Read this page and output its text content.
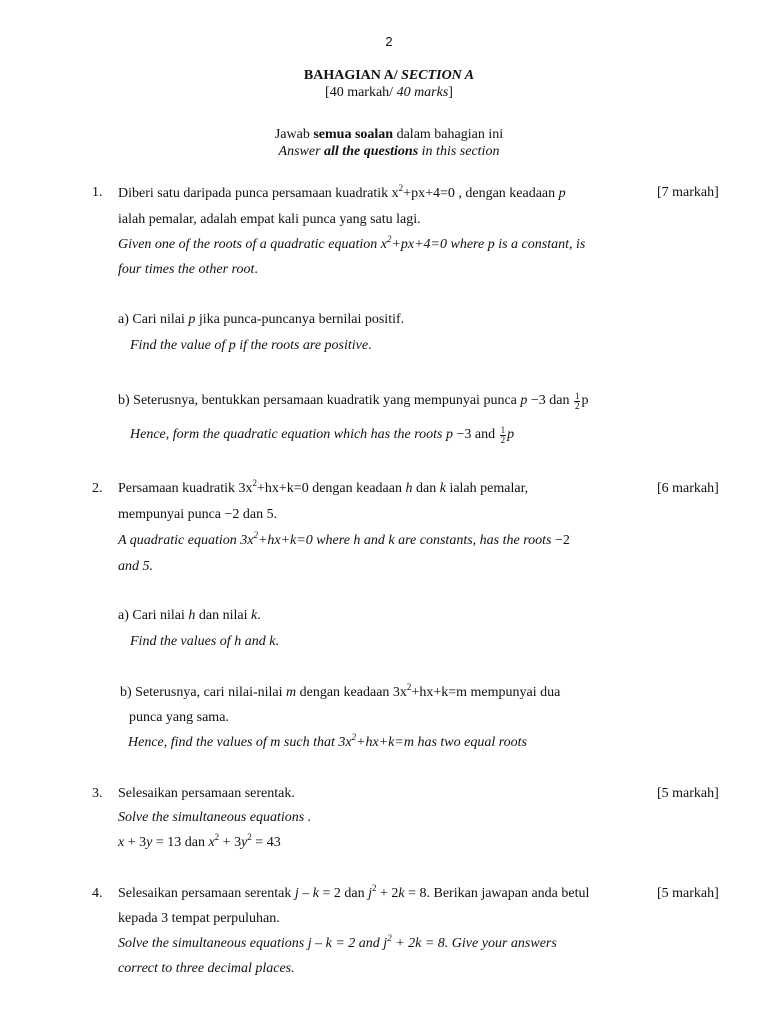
2
BAHAGIAN A/ SECTION A
[40 markah/ 40 marks]
Jawab semua soalan dalam bahagian ini
Answer all the questions in this section
1.	[7 markah]
Diberi satu daripada punca persamaan kuadratik $x^2+px+4=0$ , dengan keadaan p
ialah pemalar, adalah empat kali punca yang satu lagi.
Given one of the roots of a quadratic equation $x^2+px+4=0$ where p is a constant, is
four times the other root.
a) Cari nilai p jika punca-puncanya bernilai positif.
Find the value of p if the roots are positive.
b) Seterusnya, bentukkan persamaan kuadratik yang mempunyai punca p −3 dan $\frac{1}{2}$ p
Hence, form the quadratic equation which has the roots p −3 and $\frac{1}{2}$ p
2.	[6 markah]
Persamaan kuadratik $3x^2+hx+k=0$ dengan keadaan h dan k ialah pemalar,
mempunyai punca −2 dan 5.
A quadratic equation $3x^2+hx+k=0$ where h and k are constants, has the roots −2
and 5.
a) Cari nilai h dan nilai k.
Find the values of h and k.
b) Seterusnya, cari nilai-nilai m dengan keadaan $3x^2+hx+k=m$ mempunyai dua
punca yang sama.
Hence, find the values of m such that $3x^2+hx+k=m$ has two equal roots
3.	[5 markah]
Selesaikan persamaan serentak.
Solve the simultaneous equations .
x + 3y = 13 dan $x^2 + 3y^2 = 43$
4.	[5 markah]
Selesaikan persamaan serentak j – k = 2 dan $j^2 + 2k = 8$. Berikan jawapan anda betul
kepada 3 tempat perpuluhan.
Solve the simultaneous equations j – k = 2 and $j^2 + 2k = 8$. Give your answers
correct to three decimal places.
